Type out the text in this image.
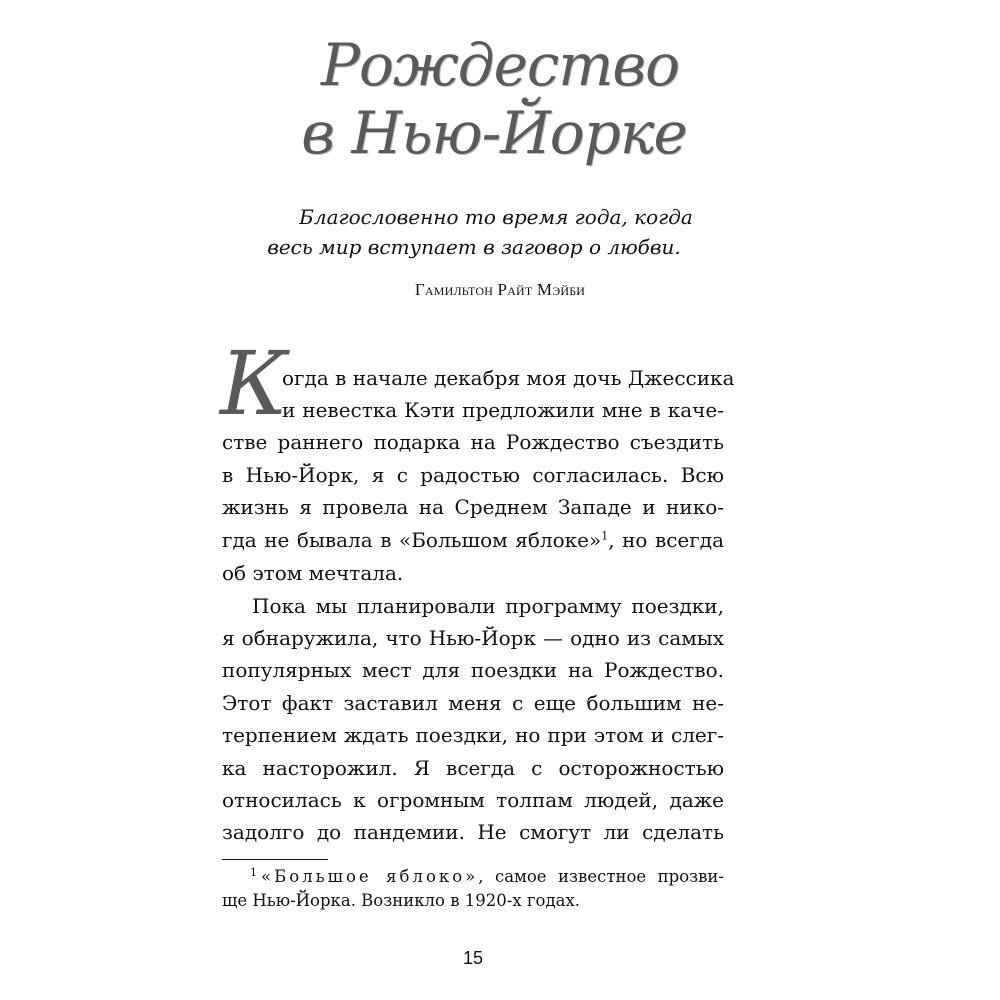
Рождество
в Нью-Йорке
Благословенно то время года, когда
весь мир вступает в заговор о любви.
Гамильтон Райт Мэйби
К
огда в начале декабря моя дочь Джессика
и невестка Кэти предложили мне в каче-
стве раннего подарка на Рождество съездить
в Нью-Йорк, я с радостью согласилась. Всю
жизнь я провела на Среднем Западе и нико-
гда не бывала в «Большом яблоке»$^1$, но всегда
об этом мечтала.
Пока мы планировали программу поездки,
я обнаружила, что Нью-Йорк — одно из самых
популярных мест для поездки на Рождество.
Этот факт заставил меня с еще большим не-
терпением ждать поездки, но при этом и слег-
ка насторожил. Я всегда с осторожностью
относилась к огромным толпам людей, даже
задолго до пандемии. Не смогут ли сделать
$^1$ «Большое яблоко», самое известное прозви-
ще Нью-Йорка. Возникло в 1920-х годах.
15
